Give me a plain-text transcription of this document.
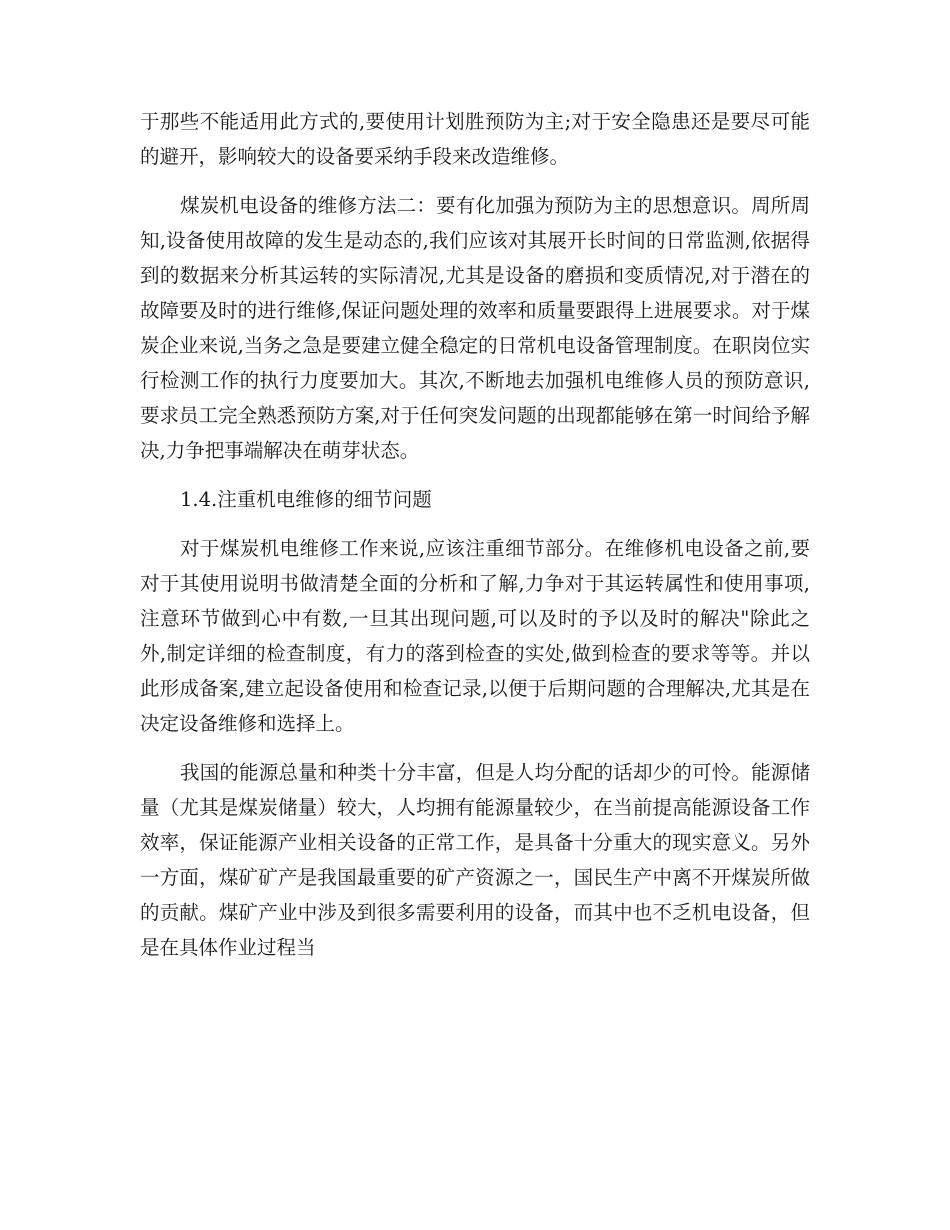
于那些不能适用此方式的,要使用计划胜预防为主;对于安全隐患还是要尽可能的避开，影响较大的设备要采纳手段来改造维修。

煤炭机电设备的维修方法二：要有化加强为预防为主的思想意识。周所周知,设备使用故障的发生是动态的,我们应该对其展开长时间的日常监测,依据得到的数据来分析其运转的实际清况,尤其是设备的磨损和变质情况,对于潜在的故障要及时的进行维修,保证问题处理的效率和质量要跟得上进展要求。对于煤炭企业来说,当务之急是要建立健全稳定的日常机电设备管理制度。在职岗位实行检测工作的执行力度要加大。其次,不断地去加强机电维修人员的预防意识,要求员工完全熟悉预防方案,对于任何突发问题的出现都能够在第一时间给予解决,力争把事端解决在萌芽状态。

1.4.注重机电维修的细节问题

对于煤炭机电维修工作来说,应该注重细节部分。在维修机电设备之前,要对于其使用说明书做清楚全面的分析和了解,力争对于其运转属性和使用事项,注意环节做到心中有数,一旦其出现问题,可以及时的予以及时的解决"除此之外,制定详细的检查制度，有力的落到检查的实处,做到检查的要求等等。并以此形成备案,建立起设备使用和检查记录,以便于后期问题的合理解决,尤其是在决定设备维修和选择上。

我国的能源总量和种类十分丰富，但是人均分配的话却少的可怜。能源储量（尤其是煤炭储量）较大，人均拥有能源量较少，在当前提高能源设备工作效率，保证能源产业相关设备的正常工作，是具备十分重大的现实意义。另外一方面，煤矿矿产是我国最重要的矿产资源之一，国民生产中离不开煤炭所做的贡献。煤矿产业中涉及到很多需要利用的设备，而其中也不乏机电设备，但是在具体作业过程当
